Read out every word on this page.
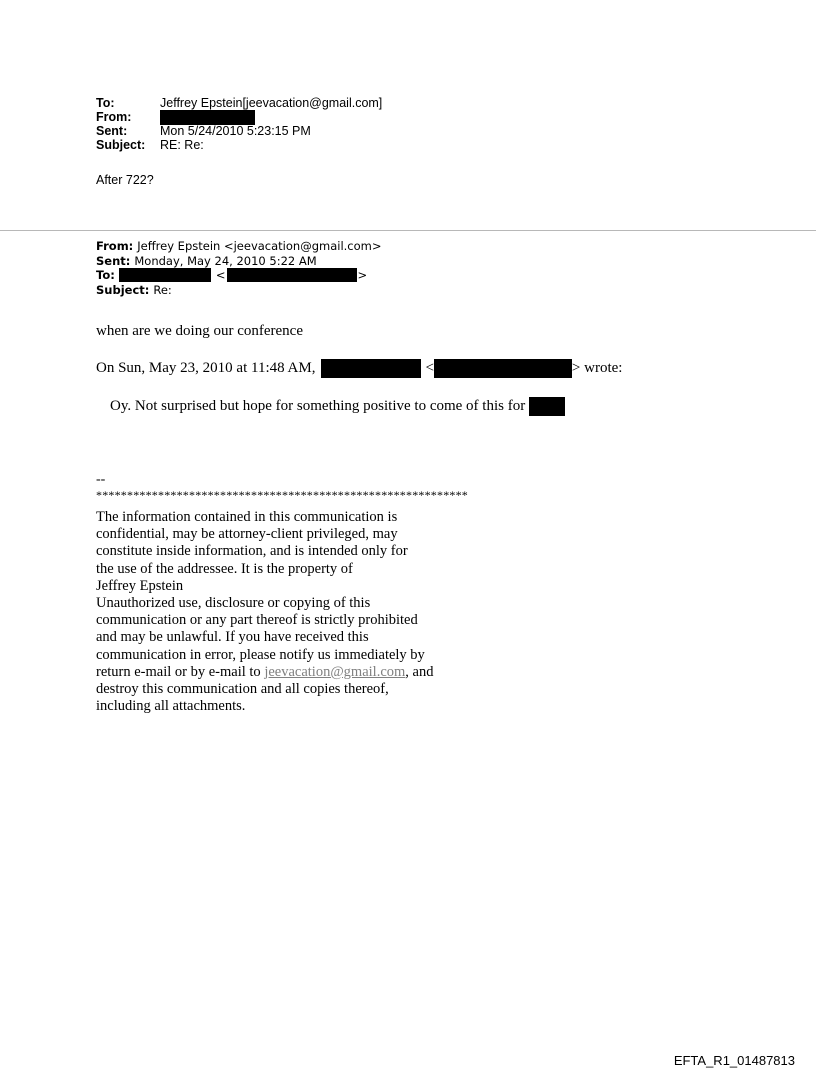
To:	Jeffrey Epstein[jeevacation@gmail.com]
From:
Sent:	Mon 5/24/2010 5:23:15 PM
Subject:	RE: Re:
After 722?
From: Jeffrey Epstein <jeevacation@gmail.com>
Sent: Monday, May 24, 2010 5:22 AM
To:	<	>
Subject: Re:
when are we doing our conference
On Sun, May 23, 2010 at 11:48 AM,	<	> wrote:
Oy. Not surprised but hope for something positive to come of this for
--
************************************************************
The information contained in this communication is
confidential, may be attorney-client privileged, may
constitute inside information, and is intended only for
the use of the addressee. It is the property of
Jeffrey Epstein
Unauthorized use, disclosure or copying of this
communication or any part thereof is strictly prohibited
and may be unlawful. If you have received this
communication in error, please notify us immediately by
return e-mail or by e-mail to jeevacation@gmail.com, and
destroy this communication and all copies thereof,
including all attachments.
EFTA_R1_01487813
